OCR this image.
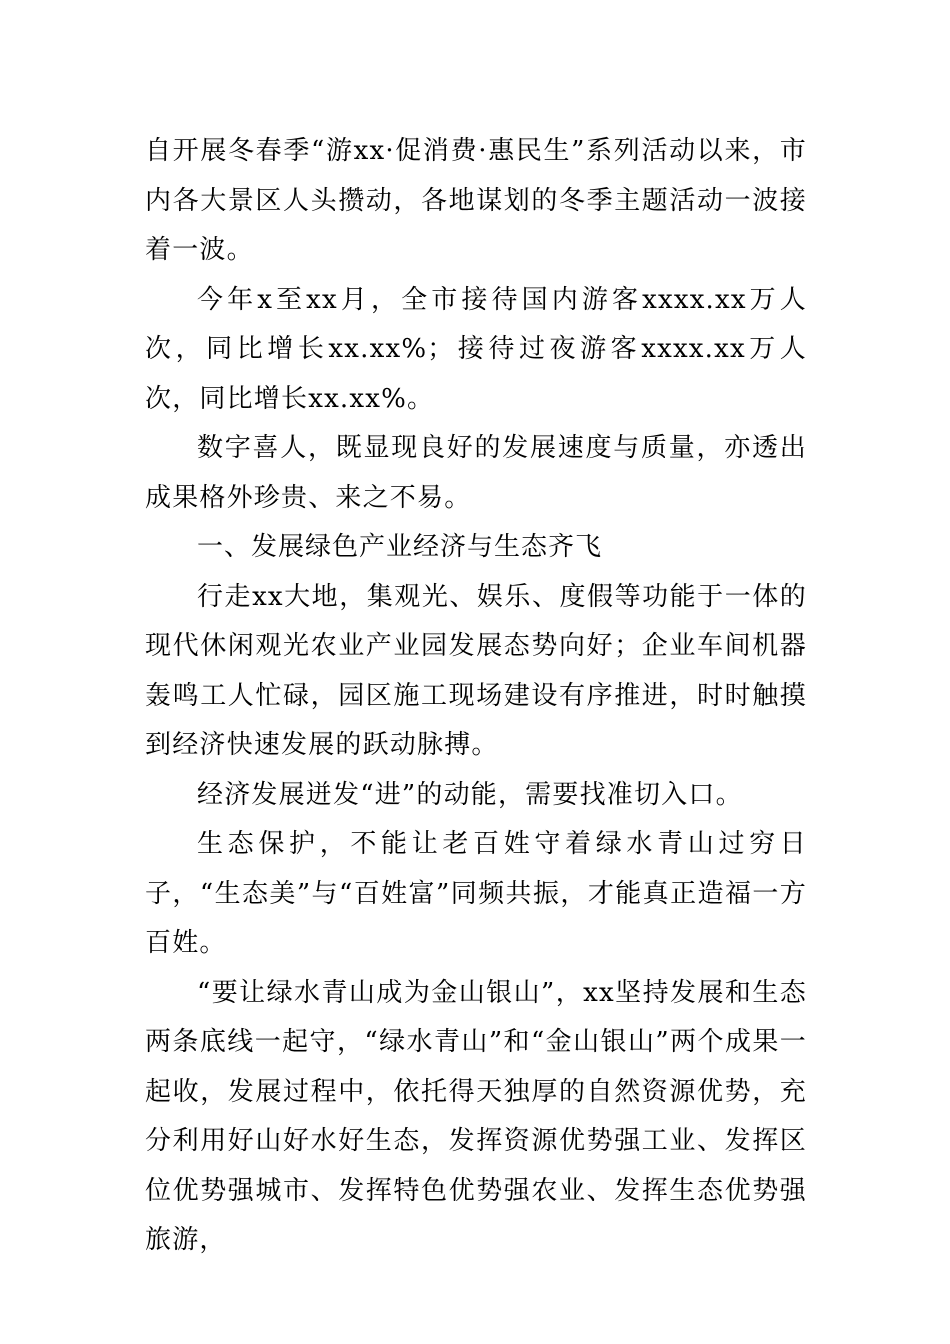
自开展冬春季“游xx·促消费·惠民生”系列活动以来，市内各大景区人头攒动，各地谋划的冬季主题活动一波接着一波。

今年x至xx月，全市接待国内游客xxxx.xx万人次，同比增长xx.xx%；接待过夜游客xxxx.xx万人次，同比增长xx.xx%。

数字喜人，既显现良好的发展速度与质量，亦透出成果格外珍贵、来之不易。

一、发展绿色产业经济与生态齐飞

行走xx大地，集观光、娱乐、度假等功能于一体的现代休闲观光农业产业园发展态势向好；企业车间机器轰鸣工人忙碌，园区施工现场建设有序推进，时时触摸到经济快速发展的跃动脉搏。

经济发展迸发“进”的动能，需要找准切入口。

生态保护，不能让老百姓守着绿水青山过穷日子，“生态美”与“百姓富”同频共振，才能真正造福一方百姓。

“要让绿水青山成为金山银山”，xx坚持发展和生态两条底线一起守，“绿水青山”和“金山银山”两个成果一起收，发展过程中，依托得天独厚的自然资源优势，充分利用好山好水好生态，发挥资源优势强工业、发挥区位优势强城市、发挥特色优势强农业、发挥生态优势强旅游，
